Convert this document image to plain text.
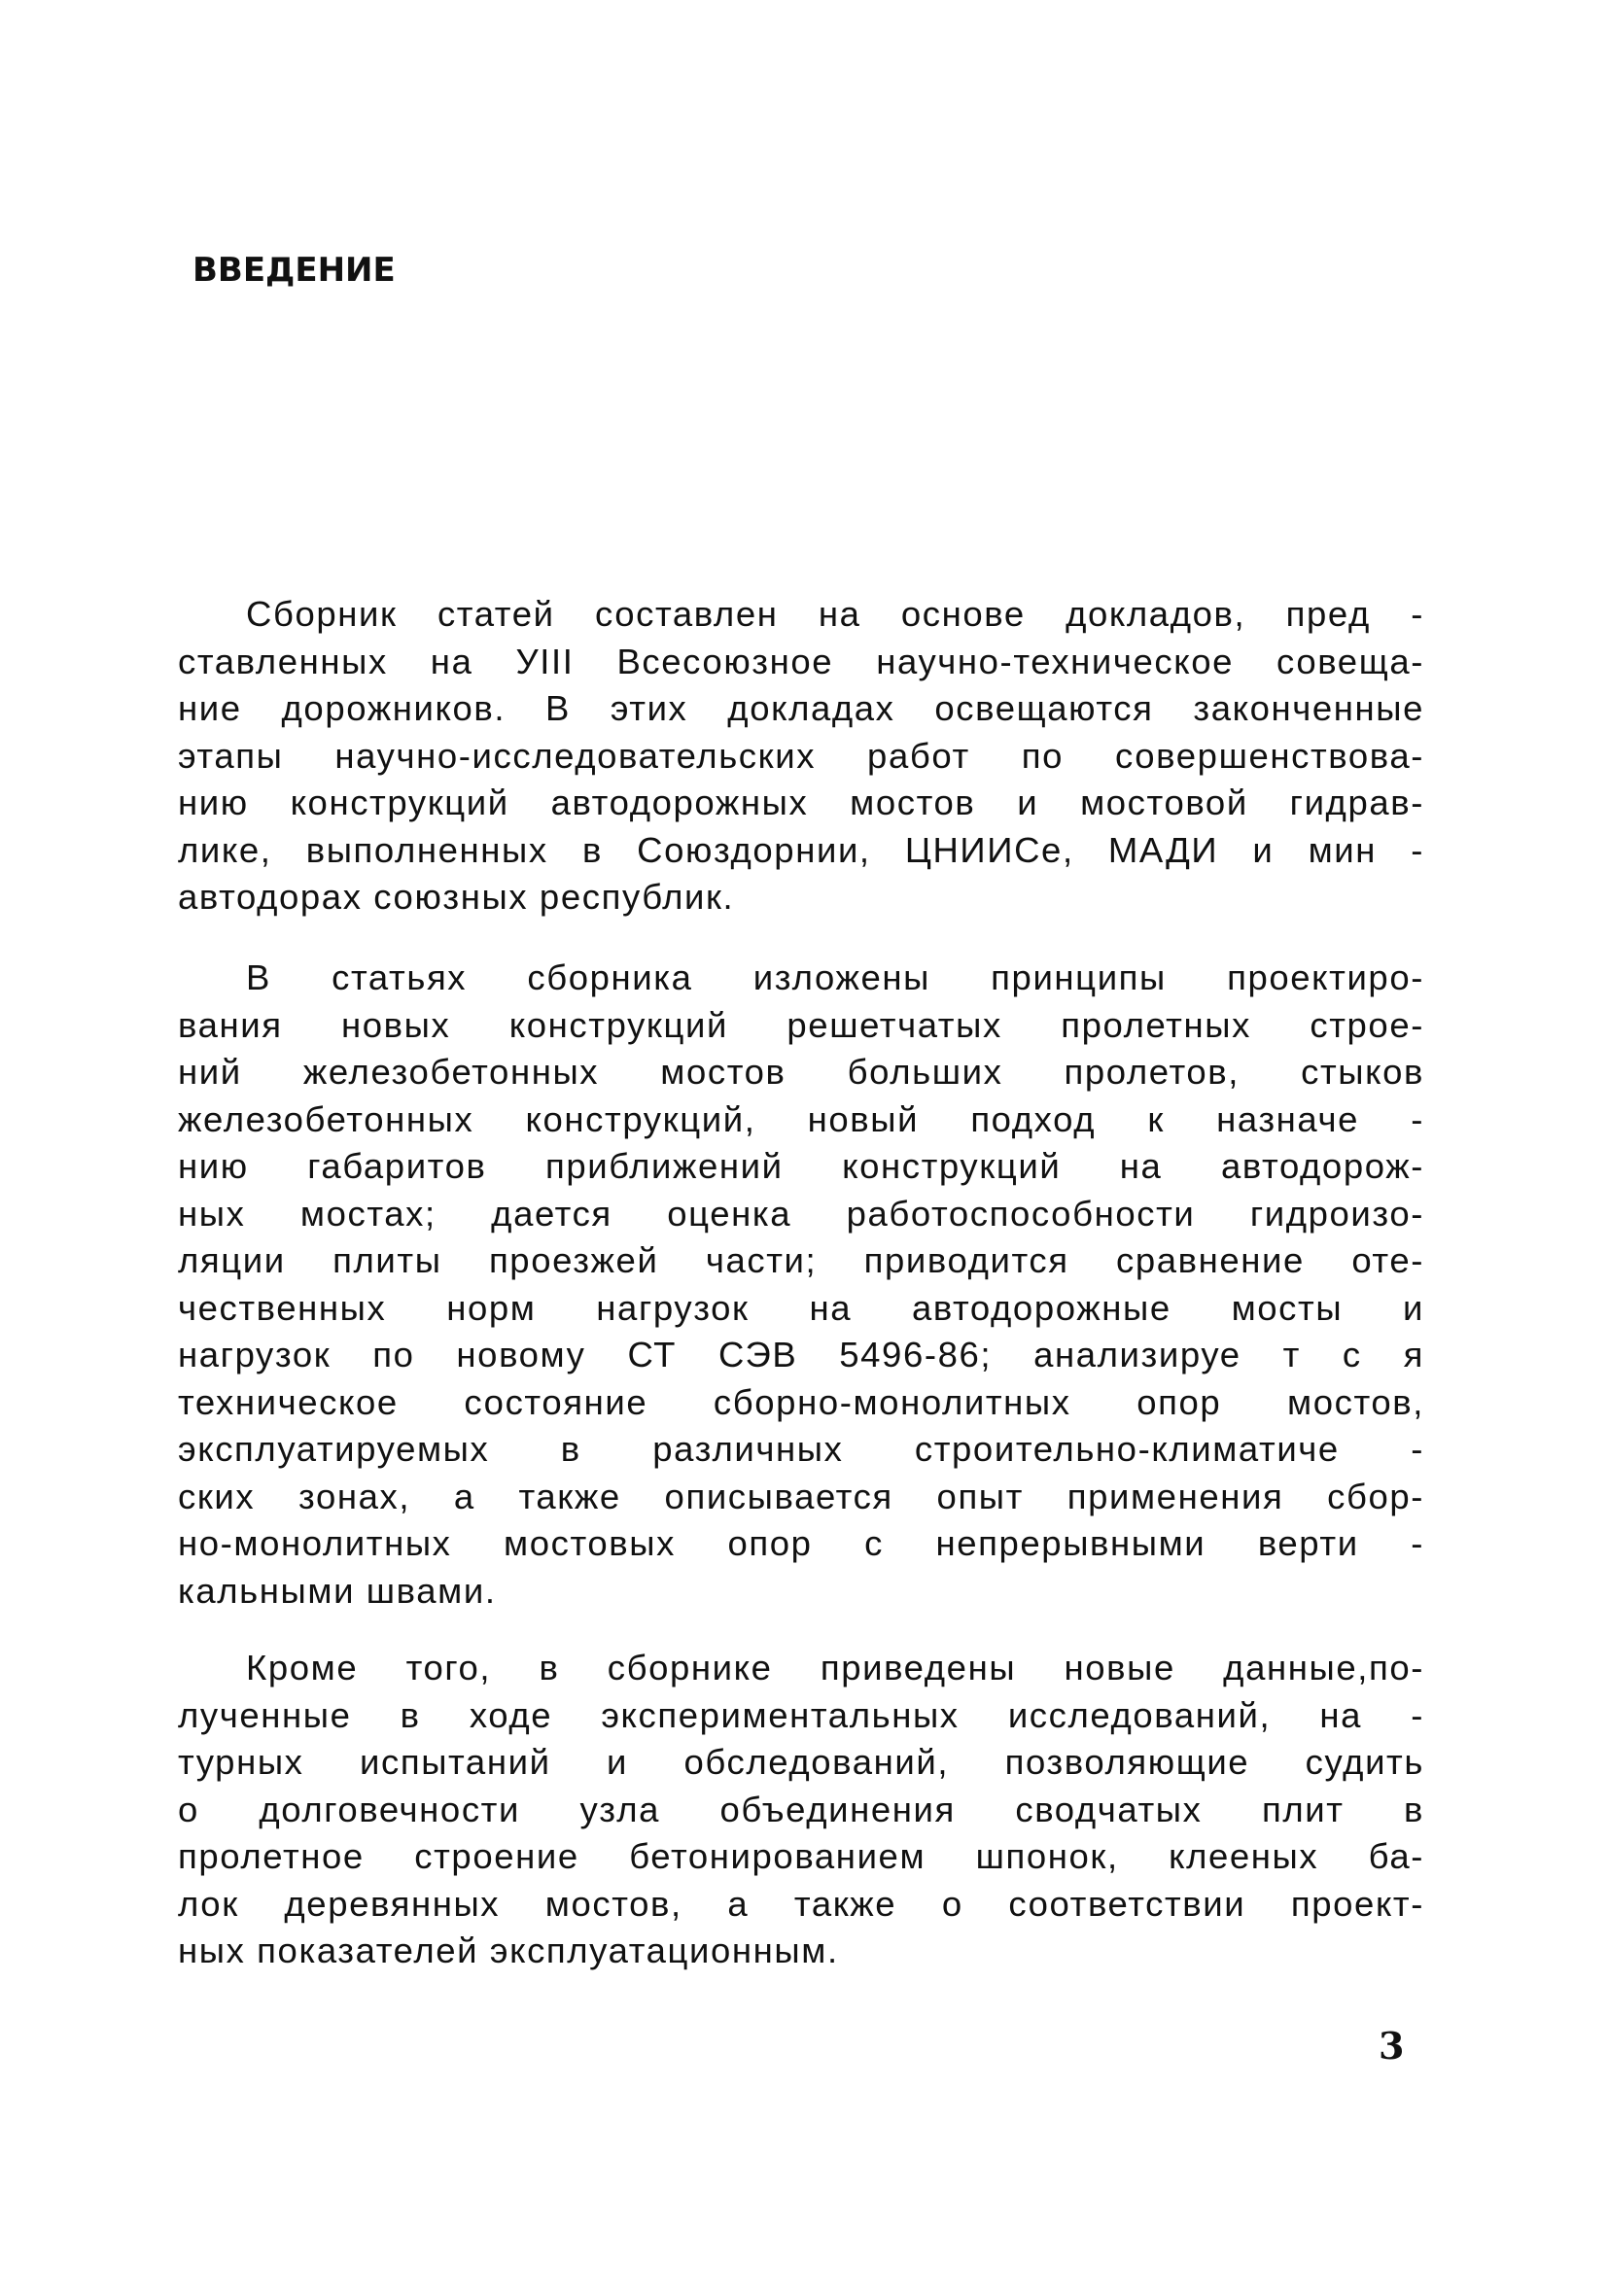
ВВЕДЕНИЕ
Сборник статей составлен на основе докладов, пред -
ставленных на УIII Всесоюзное научно-техническое совеща-
ние дорожников. В этих докладах освещаются законченные
этапы научно-исследовательских работ по совершенствова-
нию конструкций автодорожных мостов и мостовой гидрав-
лике, выполненных в Союздорнии, ЦНИИСе, МАДИ и мин -
автодорах союзных республик.
В статьях сборника изложены принципы проектиро-
вания новых конструкций решетчатых пролетных строе-
ний железобетонных мостов больших пролетов, стыков
железобетонных конструкций, новый подход к назначе -
нию габаритов приближений конструкций на автодорож-
ных мостах; дается оценка работоспособности гидроизо-
ляции плиты проезжей части; приводится сравнение оте-
чественных норм нагрузок на автодорожные мосты и
нагрузок по новому СТ СЭВ 5496-86; анализируе т с я
техническое состояние сборно-монолитных опор мостов,
эксплуатируемых в различных строительно-климатиче -
ских зонах, а также описывается опыт применения сбор-
но-монолитных мостовых опор с непрерывными верти -
кальными швами.
Кроме того, в сборнике приведены новые данные,по-
лученные в ходе экспериментальных исследований, на -
турных испытаний и обследований, позволяющие судить
о долговечности узла объединения сводчатых плит в
пролетное строение бетонированием шпонок, клееных ба-
лок деревянных мостов, а также о соответствии проект-
ных показателей эксплуатационным.
3
